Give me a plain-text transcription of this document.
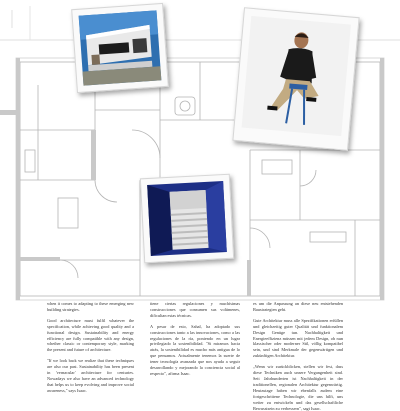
when it comes to adapting to these emerging new building strategies.

Good architecture must fulfil whatever the specification, while achieving good quality and a functional design. Sustainability and energy efficiency are fully compatible with any design, whether classic or contemporary style, marking the present and future of architecture.

"If we look back we realize that these techniques are also our past. Sustainability has been present in 'vernacular' architecture for centuries. Nowadays we also have an advanced technology that helps us to keep evolving and improve social awareness," says Isaac.

tiene ciertas regulaciones y muchísimas construcciones que consumen sus volúmenes, dificultan estas técnicas.

A pesar de esto, Sahal, ha adoptado sus construcciones tanto a las innovaciones, como a las regulaciones de la ría, poniendo en un lugar privilegiado la sostenibilidad. "Si miramos hacia atrás, la sostenibilidad es mucho más antigua de lo que pensamos. Actualmente tenemos la suerte de tener tecnología avanzada que nos ayuda a seguir desarrollando y mejorando la conciencia social al respecto", afirma Isaac.

es um die Anpassung an diese neu entstehenden Baustrategien geht.

Gute Architektur muss alle Spezifikationen erfüllen und gleichzeitig guter Qualität und funktionalem Design Genüge tun. Nachhaltigkeit und Energieeffizienz müssen mit jedem Design, ob nun klassischer oder moderner Stil, völlig kompatibel sein, und sind Merkmale der gegenwärtigen und zukünftigen Architektur.

„Wenn wir zurückblicken, stellen wir fest, dass diese Techniken auch unsere Vergangenheit sind. Seit Jahrhunderten ist Nachhaltigkeit in der traditionellen, regionalen Architektur gegenwärtig. Heutzutage haben wir ebenfalls zudem eine fortgeschrittene Technologie, die uns hilft, uns weiter zu entwickeln und das gesellschaftliche Bewusstsein zu verbessern", sagt Isaac.
